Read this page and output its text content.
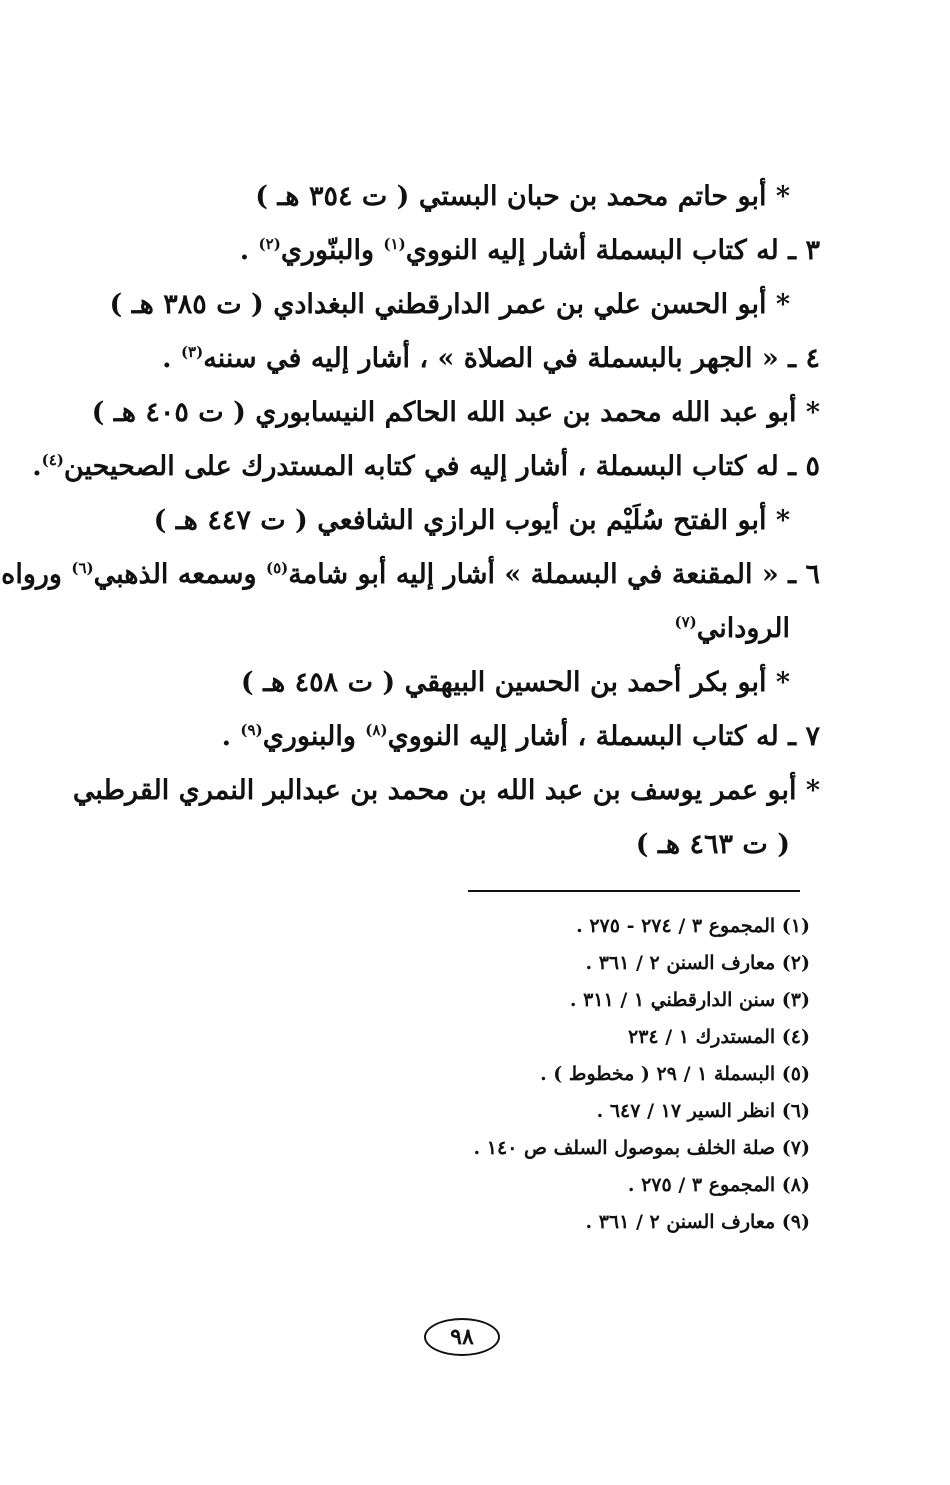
* أبو حاتم محمد بن حبان البستي ( ت ٣٥٤ هـ )
٣ ـ له كتاب البسملة أشار إليه النووي$^{(١)}$ والبنّوري$^{(٢)}$ .
* أبو الحسن علي بن عمر الدارقطني البغدادي ( ت ٣٨٥ هـ )
٤ ـ « الجهر بالبسملة في الصلاة » ، أشار إليه في سننه$^{(٣)}$ .
* أبو عبد الله محمد بن عبد الله الحاكم النيسابوري ( ت ٤٠٥ هـ )
٥ ـ له كتاب البسملة ، أشار إليه في كتابه المستدرك على الصحيحين$^{(٤)}$.
* أبو الفتح سُلَيْم بن أيوب الرازي الشافعي ( ت ٤٤٧ هـ )
٦ ـ « المقنعة في البسملة » أشار إليه أبو شامة$^{(٥)}$ وسمعه الذهبي$^{(٦)}$ ورواه
الروداني$^{(٧)}$
* أبو بكر أحمد بن الحسين البيهقي ( ت ٤٥٨ هـ )
٧ ـ له كتاب البسملة ، أشار إليه النووي$^{(٨)}$ والبنوري$^{(٩)}$ .
* أبو عمر يوسف بن عبد الله بن محمد بن عبدالبر النمري القرطبي
( ت ٤٦٣ هـ )
(١) المجموع ٣ / ٢٧٤ - ٢٧٥ .
(٢) معارف السنن ٢ / ٣٦١ .
(٣) سنن الدارقطني ١ / ٣١١ .
(٤) المستدرك ١ / ٢٣٤
(٥) البسملة ١ / ٢٩ ( مخطوط ) .
(٦) انظر السير ١٧ / ٦٤٧ .
(٧) صلة الخلف بموصول السلف ص ١٤٠ .
(٨) المجموع ٣ / ٢٧٥ .
(٩) معارف السنن ٢ / ٣٦١ .
٩٨
